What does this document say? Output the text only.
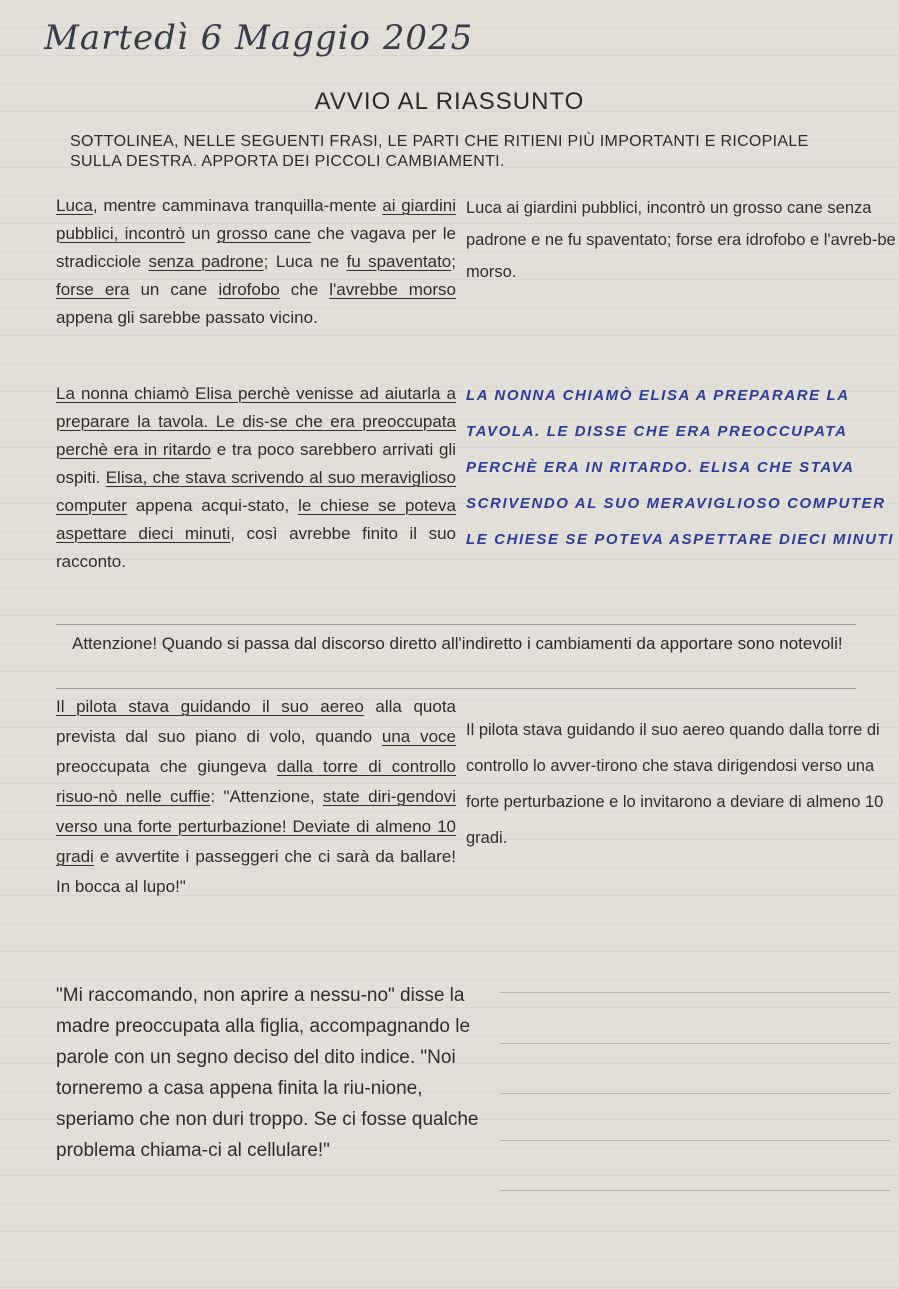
Martedì 6 Maggio 2025
AVVIO AL RIASSUNTO
SOTTOLINEA, NELLE SEGUENTI FRASI, LE PARTI CHE RITIENI PIÙ IMPORTANTI E RICOPIALE SULLA DESTRA. APPORTA DEI PICCOLI CAMBIAMENTI.
Luca, mentre camminava tranquilla-mente ai giardini pubblici, incontrò un grosso cane che vagava per le stradicciole senza padrone; Luca ne fu spaventato; forse era un cane idrofobo che l'avrebbe morso appena gli sarebbe passato vicino.
Luca ai giardini pubblici, incontrò un grosso cane senza padrone e ne fu spaventato; forse era idrofobo e l'avreb-be morso.
La nonna chiamò Elisa perchè venisse ad aiutarla a preparare la tavola. Le dis-se che era preoccupata perchè era in ritardo e tra poco sarebbero arrivati gli ospiti. Elisa, che stava scrivendo al suo meraviglioso computer appena acqui-stato, le chiese se poteva aspettare dieci minuti, così avrebbe finito il suo racconto.
LA NONNA CHIAMÒ ELISA A PREPARARE LA TAVOLA. LE DISSE CHE ERA PREOCCUPATA PERCHÈ ERA IN RITARDO. ELISA CHE STAVA SCRIVENDO AL SUO MERAVIGLIOSO COMPUTER LE CHIESE SE POTEVA ASPETTARE DIECI MINUTI
Attenzione! Quando si passa dal discorso diretto all'indiretto i cambiamenti da apportare sono notevoli!
Il pilota stava guidando il suo aereo alla quota prevista dal suo piano di volo, quando una voce preoccupata che giungeva dalla torre di controllo risuo-nò nelle cuffie: "Attenzione, state diri-gendovi verso una forte perturbazione! Deviate di almeno 10 gradi e avvertite i passeggeri che ci sarà da ballare! In bocca al lupo!"
Il pilota stava guidando il suo aereo quando dalla torre di controllo lo avver-tirono che stava dirigendosi verso una forte perturbazione e lo invitarono a deviare di almeno 10 gradi.
"Mi raccomando, non aprire a nessu-no" disse la madre preoccupata alla figlia, accompagnando le parole con un segno deciso del dito indice. "Noi torneremo a casa appena finita la riu-nione, speriamo che non duri troppo. Se ci fosse qualche problema chiama-ci al cellulare!"
